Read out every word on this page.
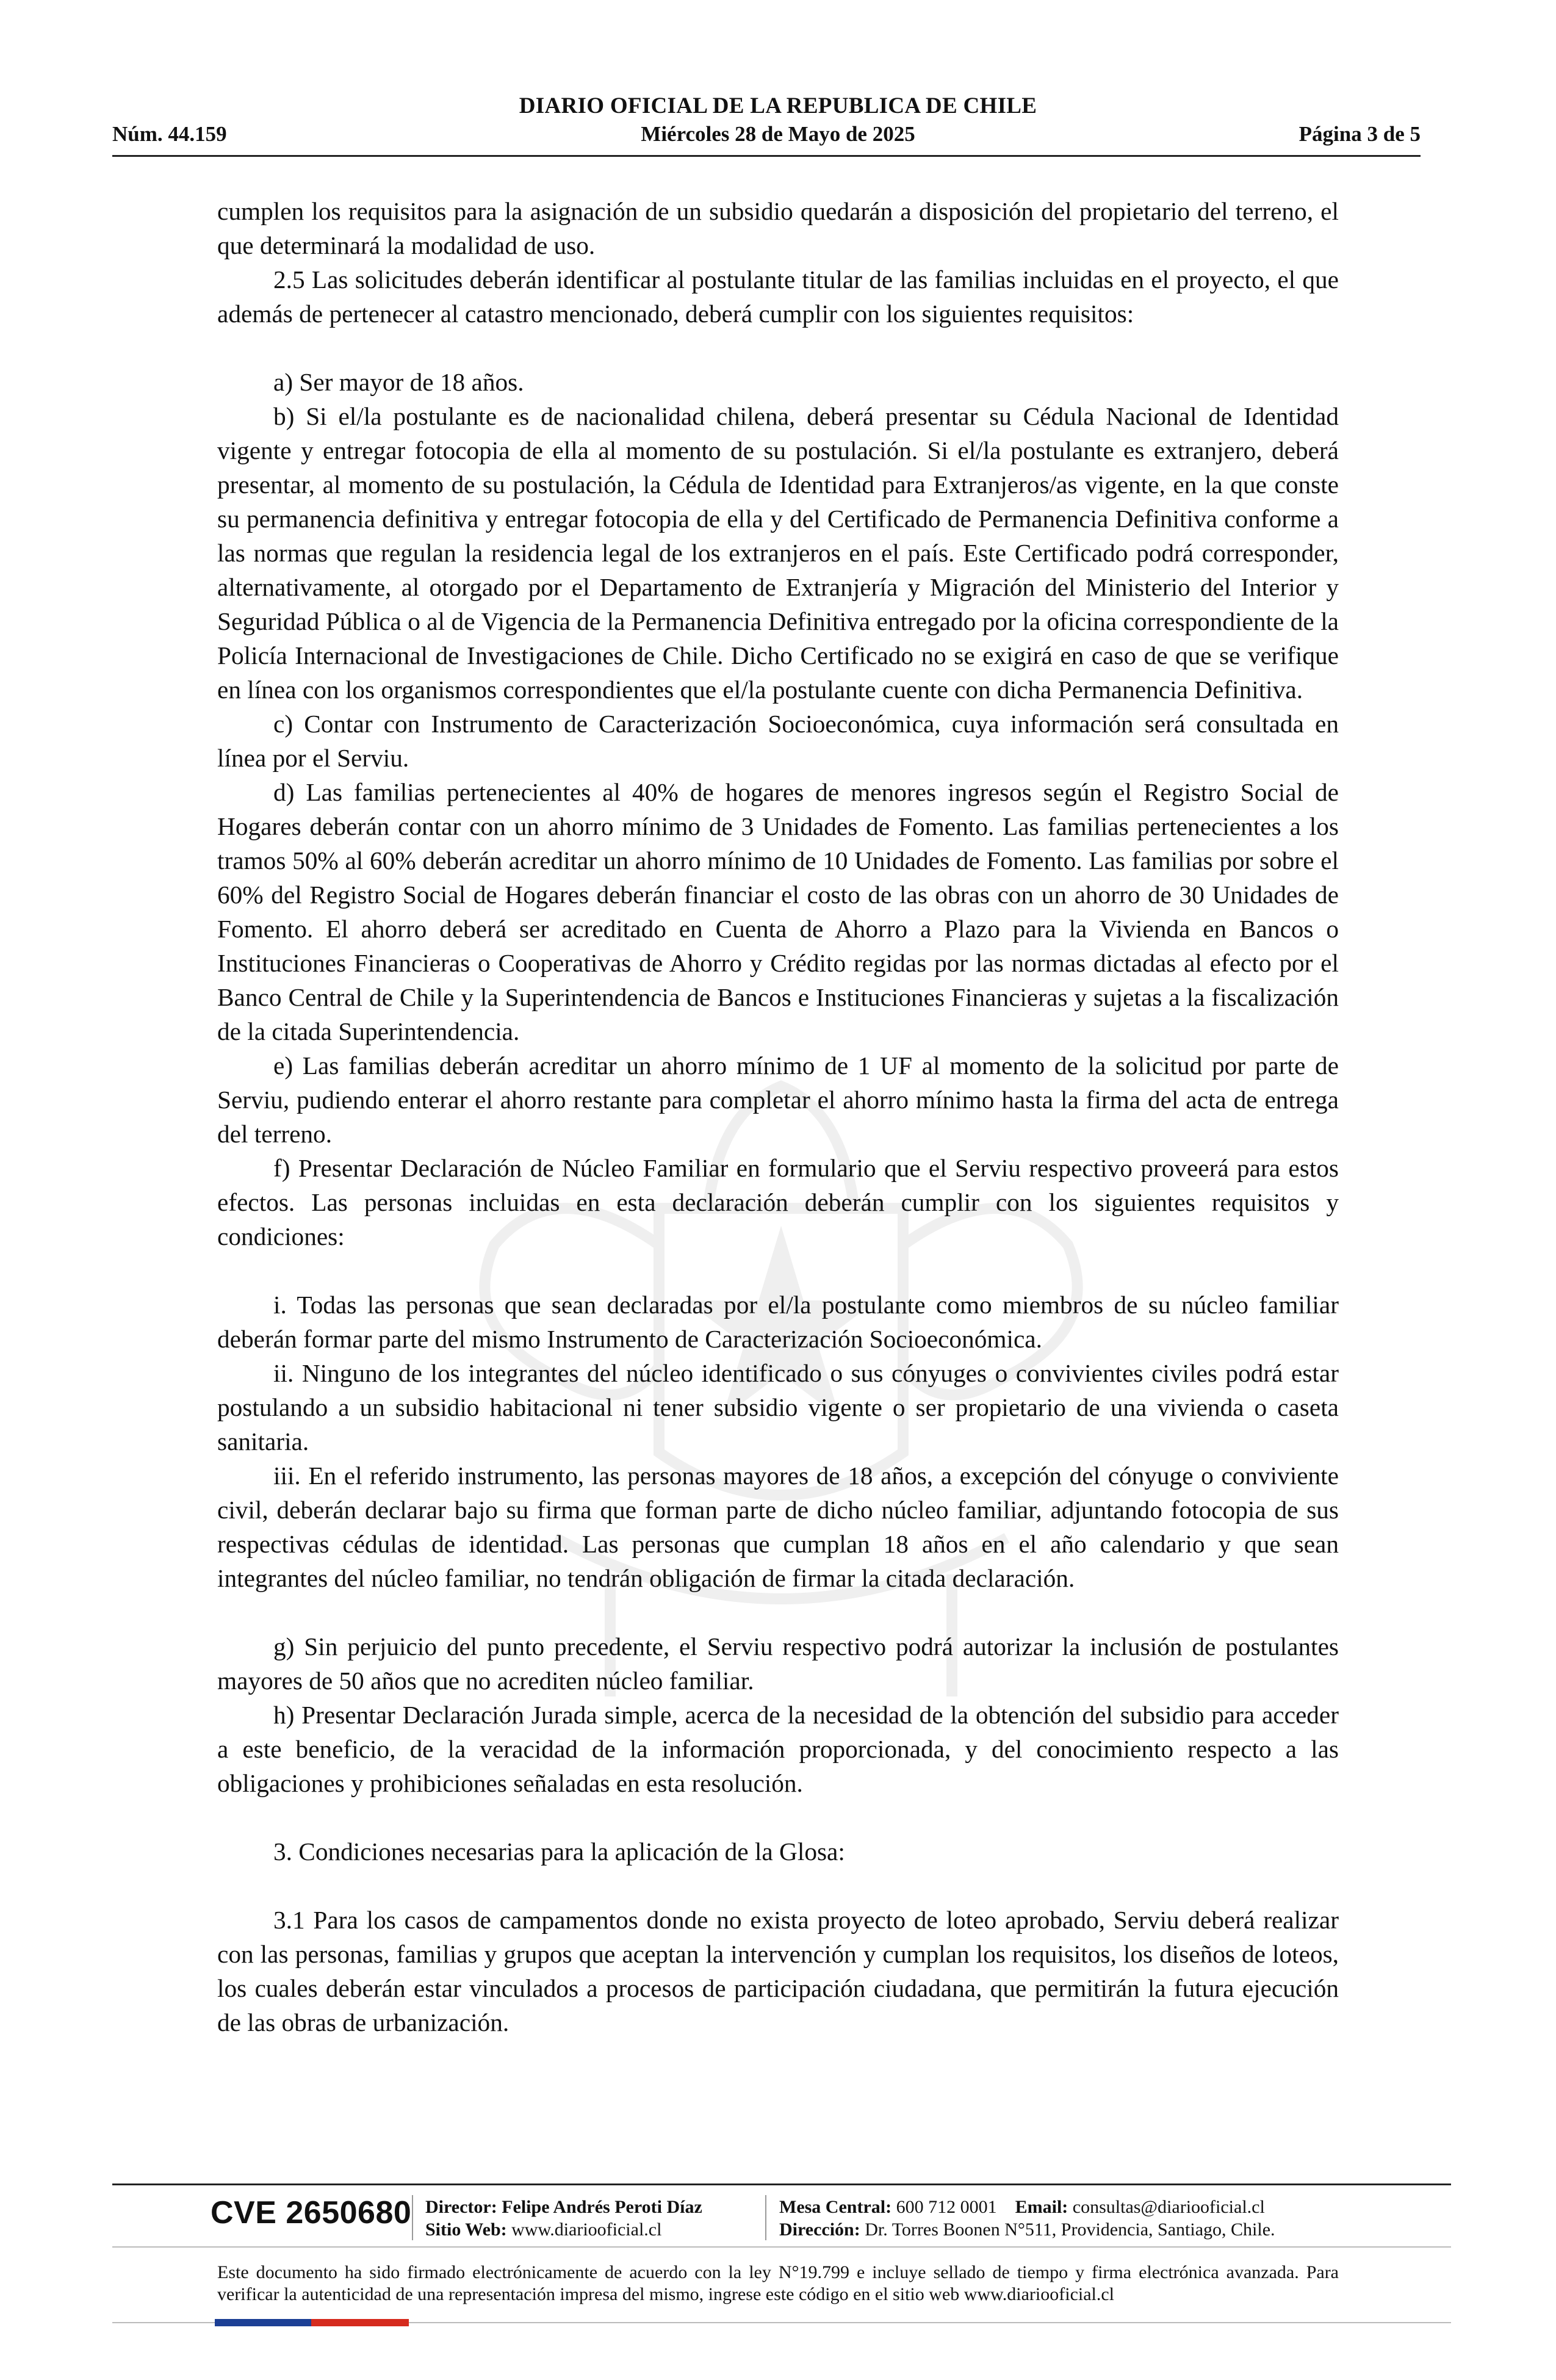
DIARIO OFICIAL DE LA REPUBLICA DE CHILE
Núm. 44.159	Miércoles 28 de Mayo de 2025	Página 3 de 5

cumplen los requisitos para la asignación de un subsidio quedarán a disposición del propietario del terreno, el que determinará la modalidad de uso.

2.5 Las solicitudes deberán identificar al postulante titular de las familias incluidas en el proyecto, el que además de pertenecer al catastro mencionado, deberá cumplir con los siguientes requisitos:

a) Ser mayor de 18 años.

b) Si el/la postulante es de nacionalidad chilena, deberá presentar su Cédula Nacional de Identidad vigente y entregar fotocopia de ella al momento de su postulación. Si el/la postulante es extranjero, deberá presentar, al momento de su postulación, la Cédula de Identidad para Extranjeros/as vigente, en la que conste su permanencia definitiva y entregar fotocopia de ella y del Certificado de Permanencia Definitiva conforme a las normas que regulan la residencia legal de los extranjeros en el país. Este Certificado podrá corresponder, alternativamente, al otorgado por el Departamento de Extranjería y Migración del Ministerio del Interior y Seguridad Pública o al de Vigencia de la Permanencia Definitiva entregado por la oficina correspondiente de la Policía Internacional de Investigaciones de Chile. Dicho Certificado no se exigirá en caso de que se verifique en línea con los organismos correspondientes que el/la postulante cuente con dicha Permanencia Definitiva.

c) Contar con Instrumento de Caracterización Socioeconómica, cuya información será consultada en línea por el Serviu.

d) Las familias pertenecientes al 40% de hogares de menores ingresos según el Registro Social de Hogares deberán contar con un ahorro mínimo de 3 Unidades de Fomento. Las familias pertenecientes a los tramos 50% al 60% deberán acreditar un ahorro mínimo de 10 Unidades de Fomento. Las familias por sobre el 60% del Registro Social de Hogares deberán financiar el costo de las obras con un ahorro de 30 Unidades de Fomento. El ahorro deberá ser acreditado en Cuenta de Ahorro a Plazo para la Vivienda en Bancos o Instituciones Financieras o Cooperativas de Ahorro y Crédito regidas por las normas dictadas al efecto por el Banco Central de Chile y la Superintendencia de Bancos e Instituciones Financieras y sujetas a la fiscalización de la citada Superintendencia.

e) Las familias deberán acreditar un ahorro mínimo de 1 UF al momento de la solicitud por parte de Serviu, pudiendo enterar el ahorro restante para completar el ahorro mínimo hasta la firma del acta de entrega del terreno.

f) Presentar Declaración de Núcleo Familiar en formulario que el Serviu respectivo proveerá para estos efectos. Las personas incluidas en esta declaración deberán cumplir con los siguientes requisitos y condiciones:

i. Todas las personas que sean declaradas por el/la postulante como miembros de su núcleo familiar deberán formar parte del mismo Instrumento de Caracterización Socioeconómica.

ii. Ninguno de los integrantes del núcleo identificado o sus cónyuges o convivientes civiles podrá estar postulando a un subsidio habitacional ni tener subsidio vigente o ser propietario de una vivienda o caseta sanitaria.

iii. En el referido instrumento, las personas mayores de 18 años, a excepción del cónyuge o conviviente civil, deberán declarar bajo su firma que forman parte de dicho núcleo familiar, adjuntando fotocopia de sus respectivas cédulas de identidad. Las personas que cumplan 18 años en el año calendario y que sean integrantes del núcleo familiar, no tendrán obligación de firmar la citada declaración.

g) Sin perjuicio del punto precedente, el Serviu respectivo podrá autorizar la inclusión de postulantes mayores de 50 años que no acrediten núcleo familiar.

h) Presentar Declaración Jurada simple, acerca de la necesidad de la obtención del subsidio para acceder a este beneficio, de la veracidad de la información proporcionada, y del conocimiento respecto a las obligaciones y prohibiciones señaladas en esta resolución.

3. Condiciones necesarias para la aplicación de la Glosa:

3.1 Para los casos de campamentos donde no exista proyecto de loteo aprobado, Serviu deberá realizar con las personas, familias y grupos que aceptan la intervención y cumplan los requisitos, los diseños de loteos, los cuales deberán estar vinculados a procesos de participación ciudadana, que permitirán la futura ejecución de las obras de urbanización.

CVE 2650680 Director: Felipe Andrés Peroti Díaz
Sitio Web: www.diariooficial.cl
Mesa Central: 600 712 0001 Email: consultas@diariooficial.cl
Dirección: Dr. Torres Boonen N°511, Providencia, Santiago, Chile.
Este documento ha sido firmado electrónicamente de acuerdo con la ley N°19.799 e incluye sellado de tiempo y firma electrónica avanzada. Para verificar la autenticidad de una representación impresa del mismo, ingrese este código en el sitio web www.diariooficial.cl
